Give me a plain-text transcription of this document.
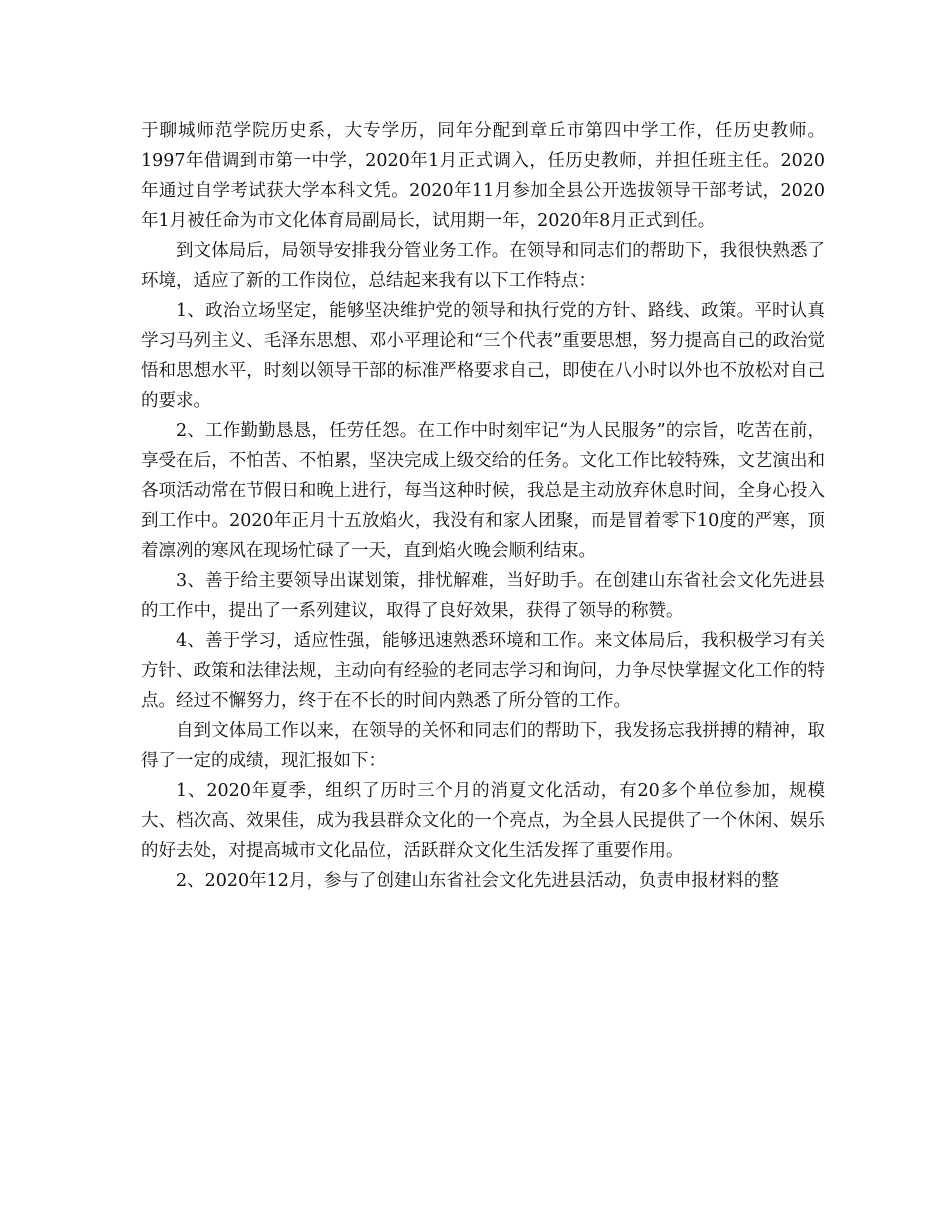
于聊城师范学院历史系，大专学历，同年分配到章丘市第四中学工作，任历史教师。1997年借调到市第一中学，2020年1月正式调入，任历史教师，并担任班主任。2020年通过自学考试获大学本科文凭。2020年11月参加全县公开选拔领导干部考试，2020年1月被任命为市文化体育局副局长，试用期一年，2020年8月正式到任。

到文体局后，局领导安排我分管业务工作。在领导和同志们的帮助下，我很快熟悉了环境，适应了新的工作岗位，总结起来我有以下工作特点：

1、政治立场坚定，能够坚决维护党的领导和执行党的方针、路线、政策。平时认真学习马列主义、毛泽东思想、邓小平理论和“三个代表”重要思想，努力提高自己的政治觉悟和思想水平，时刻以领导干部的标准严格要求自己，即使在八小时以外也不放松对自己的要求。

2、工作勤勤恳恳，任劳任怨。在工作中时刻牢记“为人民服务”的宗旨，吃苦在前，享受在后，不怕苦、不怕累，坚决完成上级交给的任务。文化工作比较特殊，文艺演出和各项活动常在节假日和晚上进行，每当这种时候，我总是主动放弃休息时间，全身心投入到工作中。2020年正月十五放焰火，我没有和家人团聚，而是冒着零下10度的严寒，顶着凛冽的寒风在现场忙碌了一天，直到焰火晚会顺利结束。

3、善于给主要领导出谋划策，排忧解难，当好助手。在创建山东省社会文化先进县的工作中，提出了一系列建议，取得了良好效果，获得了领导的称赞。

4、善于学习，适应性强，能够迅速熟悉环境和工作。来文体局后，我积极学习有关方针、政策和法律法规，主动向有经验的老同志学习和询问，力争尽快掌握文化工作的特点。经过不懈努力，终于在不长的时间内熟悉了所分管的工作。

自到文体局工作以来，在领导的关怀和同志们的帮助下，我发扬忘我拼搏的精神，取得了一定的成绩，现汇报如下：

1、2020年夏季，组织了历时三个月的消夏文化活动，有20多个单位参加，规模大、档次高、效果佳，成为我县群众文化的一个亮点，为全县人民提供了一个休闲、娱乐的好去处，对提高城市文化品位，活跃群众文化生活发挥了重要作用。

2、2020年12月，参与了创建山东省社会文化先进县活动，负责申报材料的整
